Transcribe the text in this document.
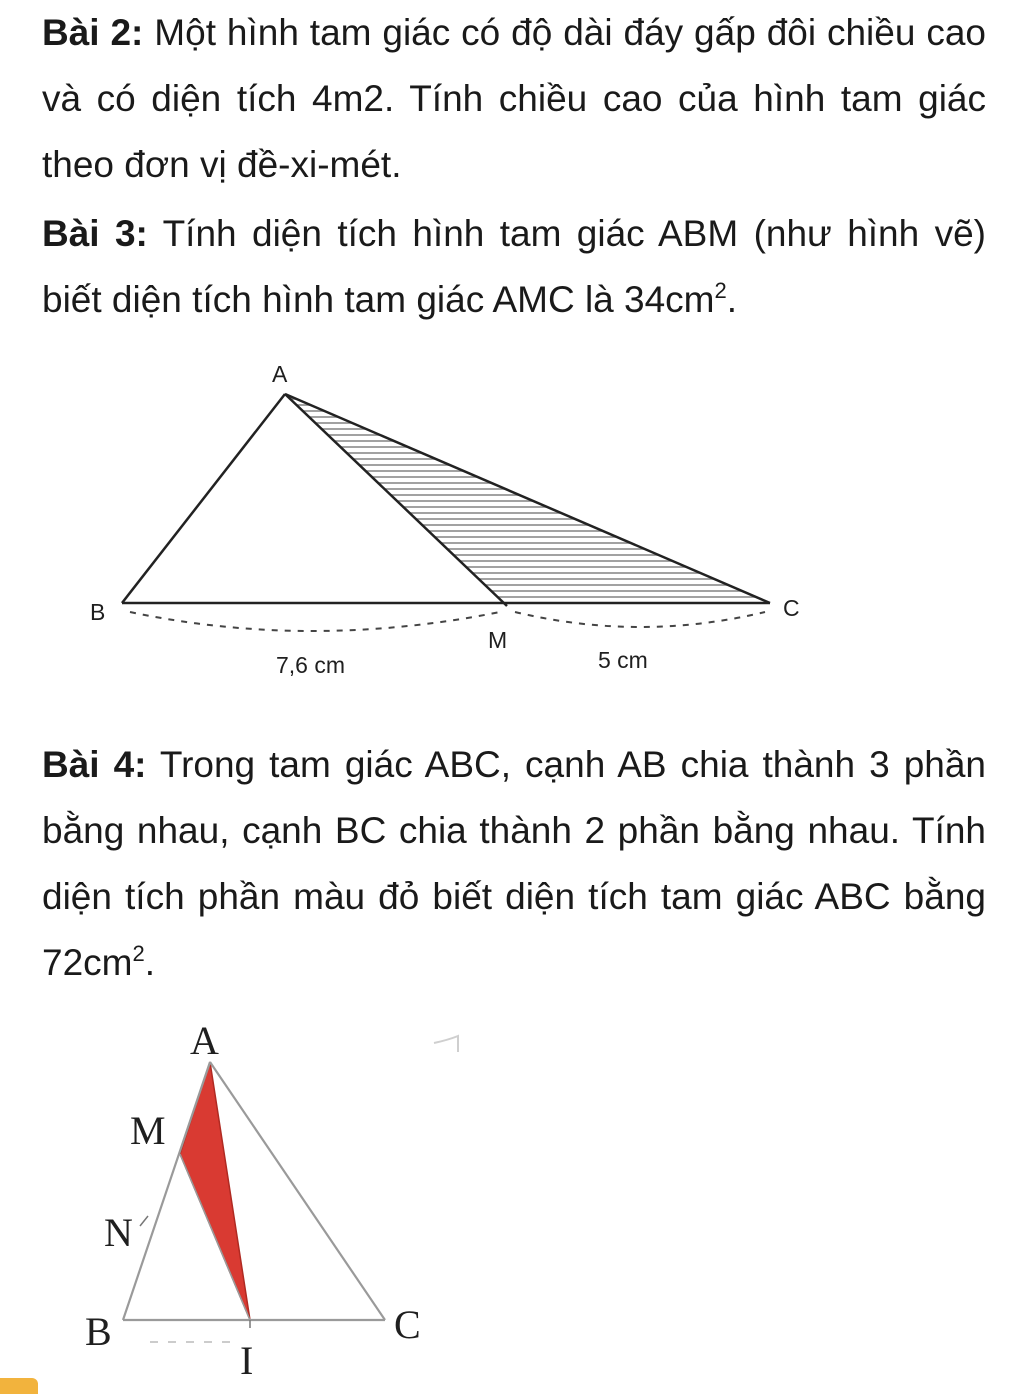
Bài 2: Một hình tam giác có độ dài đáy gấp đôi chiều cao và có diện tích 4m2. Tính chiều cao của hình tam giác theo đơn vị đề-xi-mét.

Bài 3: Tính diện tích hình tam giác ABM (như hình vẽ) biết diện tích hình tam giác AMC là $34cm^2$.

A
B	C
M
7,6 cm	5 cm

Bài 4: Trong tam giác ABC, cạnh AB chia thành 3 phần bằng nhau, cạnh BC chia thành 2 phần bằng nhau. Tính diện tích phần màu đỏ biết diện tích tam giác ABC bằng $72cm^2$.

A
M
N
B	C
I
